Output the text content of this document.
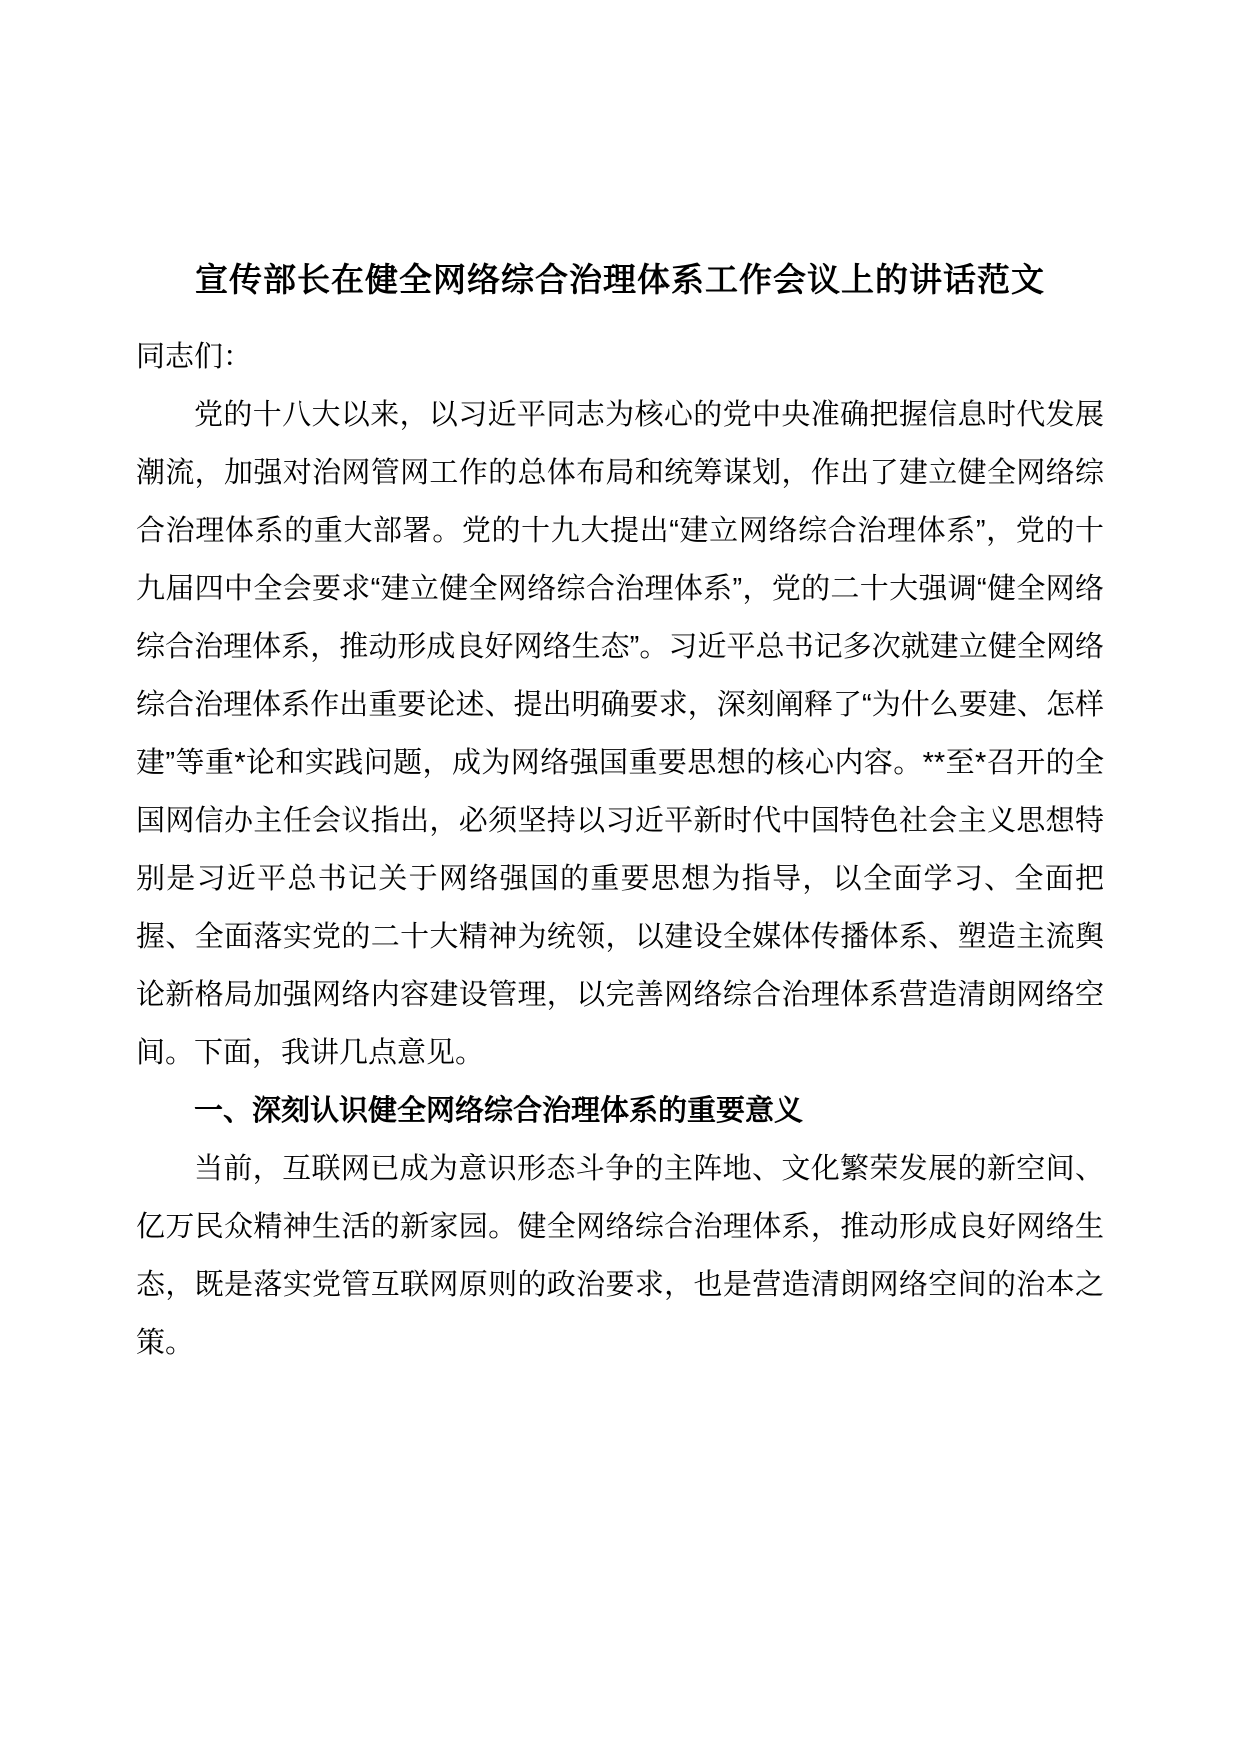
宣传部长在健全网络综合治理体系工作会议上的讲话范文

同志们：

党的十八大以来，以习近平同志为核心的党中央准确把握信息时代发展潮流，加强对治网管网工作的总体布局和统筹谋划，作出了建立健全网络综合治理体系的重大部署。党的十九大提出“建立网络综合治理体系”，党的十九届四中全会要求“建立健全网络综合治理体系”，党的二十大强调“健全网络综合治理体系，推动形成良好网络生态”。习近平总书记多次就建立健全网络综合治理体系作出重要论述、提出明确要求，深刻阐释了“为什么要建、怎样建”等重*论和实践问题，成为网络强国重要思想的核心内容。**至*召开的全国网信办主任会议指出，必须坚持以习近平新时代中国特色社会主义思想特别是习近平总书记关于网络强国的重要思想为指导，以全面学习、全面把握、全面落实党的二十大精神为统领，以建设全媒体传播体系、塑造主流舆论新格局加强网络内容建设管理，以完善网络综合治理体系营造清朗网络空间。下面，我讲几点意见。

一、深刻认识健全网络综合治理体系的重要意义

当前，互联网已成为意识形态斗争的主阵地、文化繁荣发展的新空间、亿万民众精神生活的新家园。健全网络综合治理体系，推动形成良好网络生态，既是落实党管互联网原则的政治要求，也是营造清朗网络空间的治本之策。
